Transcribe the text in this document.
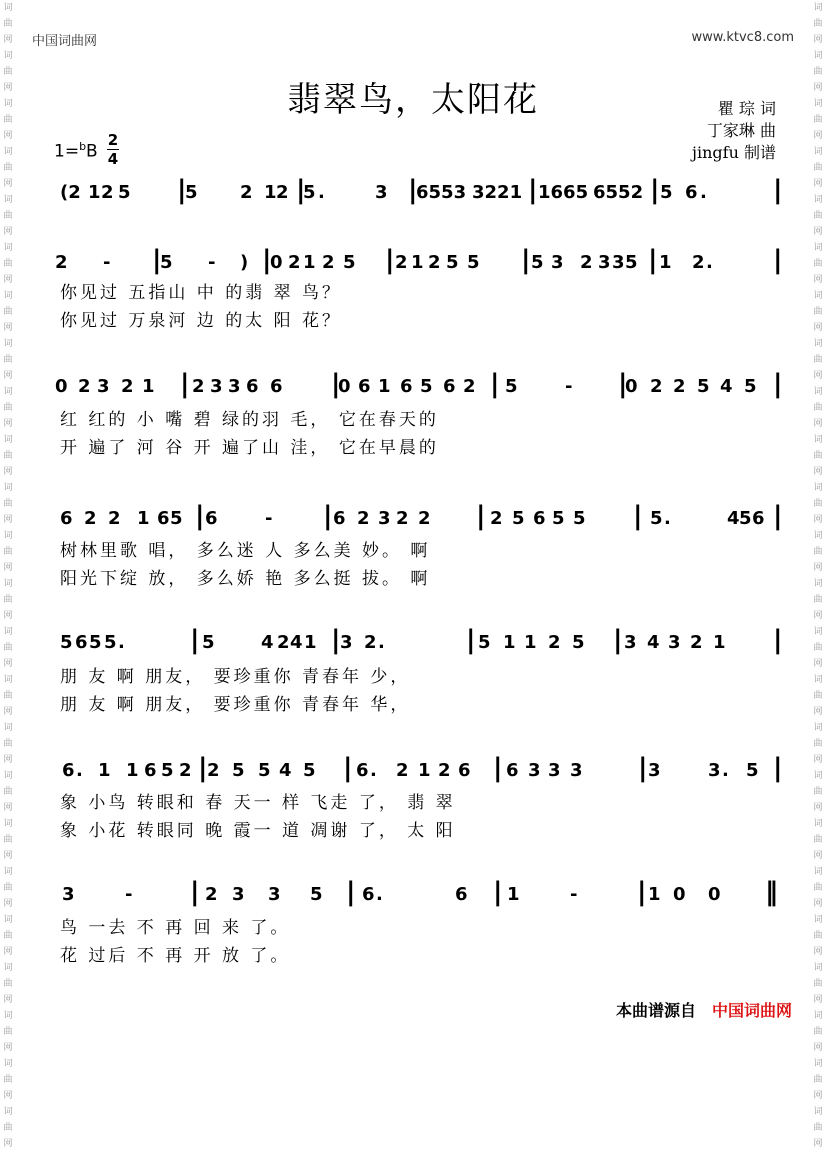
词曲网词曲网词曲网词曲网词曲网词曲网词曲网词曲网词曲网词曲网词曲网词曲网词曲网词曲网词曲网词曲网词曲网词曲网词曲网词曲网词曲网词曲网词曲网词曲网
词曲网词曲网词曲网词曲网词曲网词曲网词曲网词曲网词曲网词曲网词曲网词曲网词曲网词曲网词曲网词曲网词曲网词曲网词曲网词曲网词曲网词曲网词曲网词曲网
中国词曲网	www.ktvc8.com
翡翠鸟，太阳花	瞿 琮 词
丁家琳 曲
jingfu 制谱
1=$^b$B
2
4
(2 1 2 5 |
5 2 1 2 |
5 .	3 |
6553 3221 | 1665 6552 | 5 6 .	|
2 - |
5 - ) |
0 2 1 2 5 | 2 1 2 5 5 | 5 3 2 3 3 5 | 1 2 . |
你见过 五指山 中 的翡 翠 鸟？
你见过 万泉河 边 的太 阳 花？
0 2 3 2 1 | 2 3 3 6 6 |
0 6 1 6 5 6 2 | 5	- |
0 2 2 5 4 5 |
红 红的 小 嘴 碧 绿的羽 毛， 它在春天的
开 遍了 河 谷 开 遍了山 洼， 它在早晨的
6 2 2 1 6 5 | 6	- | 6 2 3 2 2 | 2 5 6 5 5 | 5 .	4 5 6 |
树林里歌 唱， 多么迷 人 多么美 妙。 啊
阳光下绽 放， 多么娇 艳 多么挺 拔。 啊
5 6 5 5 .	| 5	4 2 4 1 | 3 2 .	| 5 1 1 2 5 | 3 4 3 2 1 |
朋 友 啊 朋友， 要珍重你 青春年 少，
朋 友 啊 朋友， 要珍重你 青春年 华，
6 . 1 1 6 5 2 | 2 5 5 4 5 | 6 . 2 1 2 6 | 6 3 3 3 | 3	3 . 5 |
象 小鸟 转眼和 春 天一 样 飞走 了， 翡 翠
象 小花 转眼同 晚 霞一 道 凋谢 了， 太 阳
3	- | 2 3 3 5 | 6 .	6 | 1	- | 1 0 0 ‖
鸟 一去 不 再 回 来 了。
花 过后 不 再 开 放 了。
本曲谱源自 中国词曲网
